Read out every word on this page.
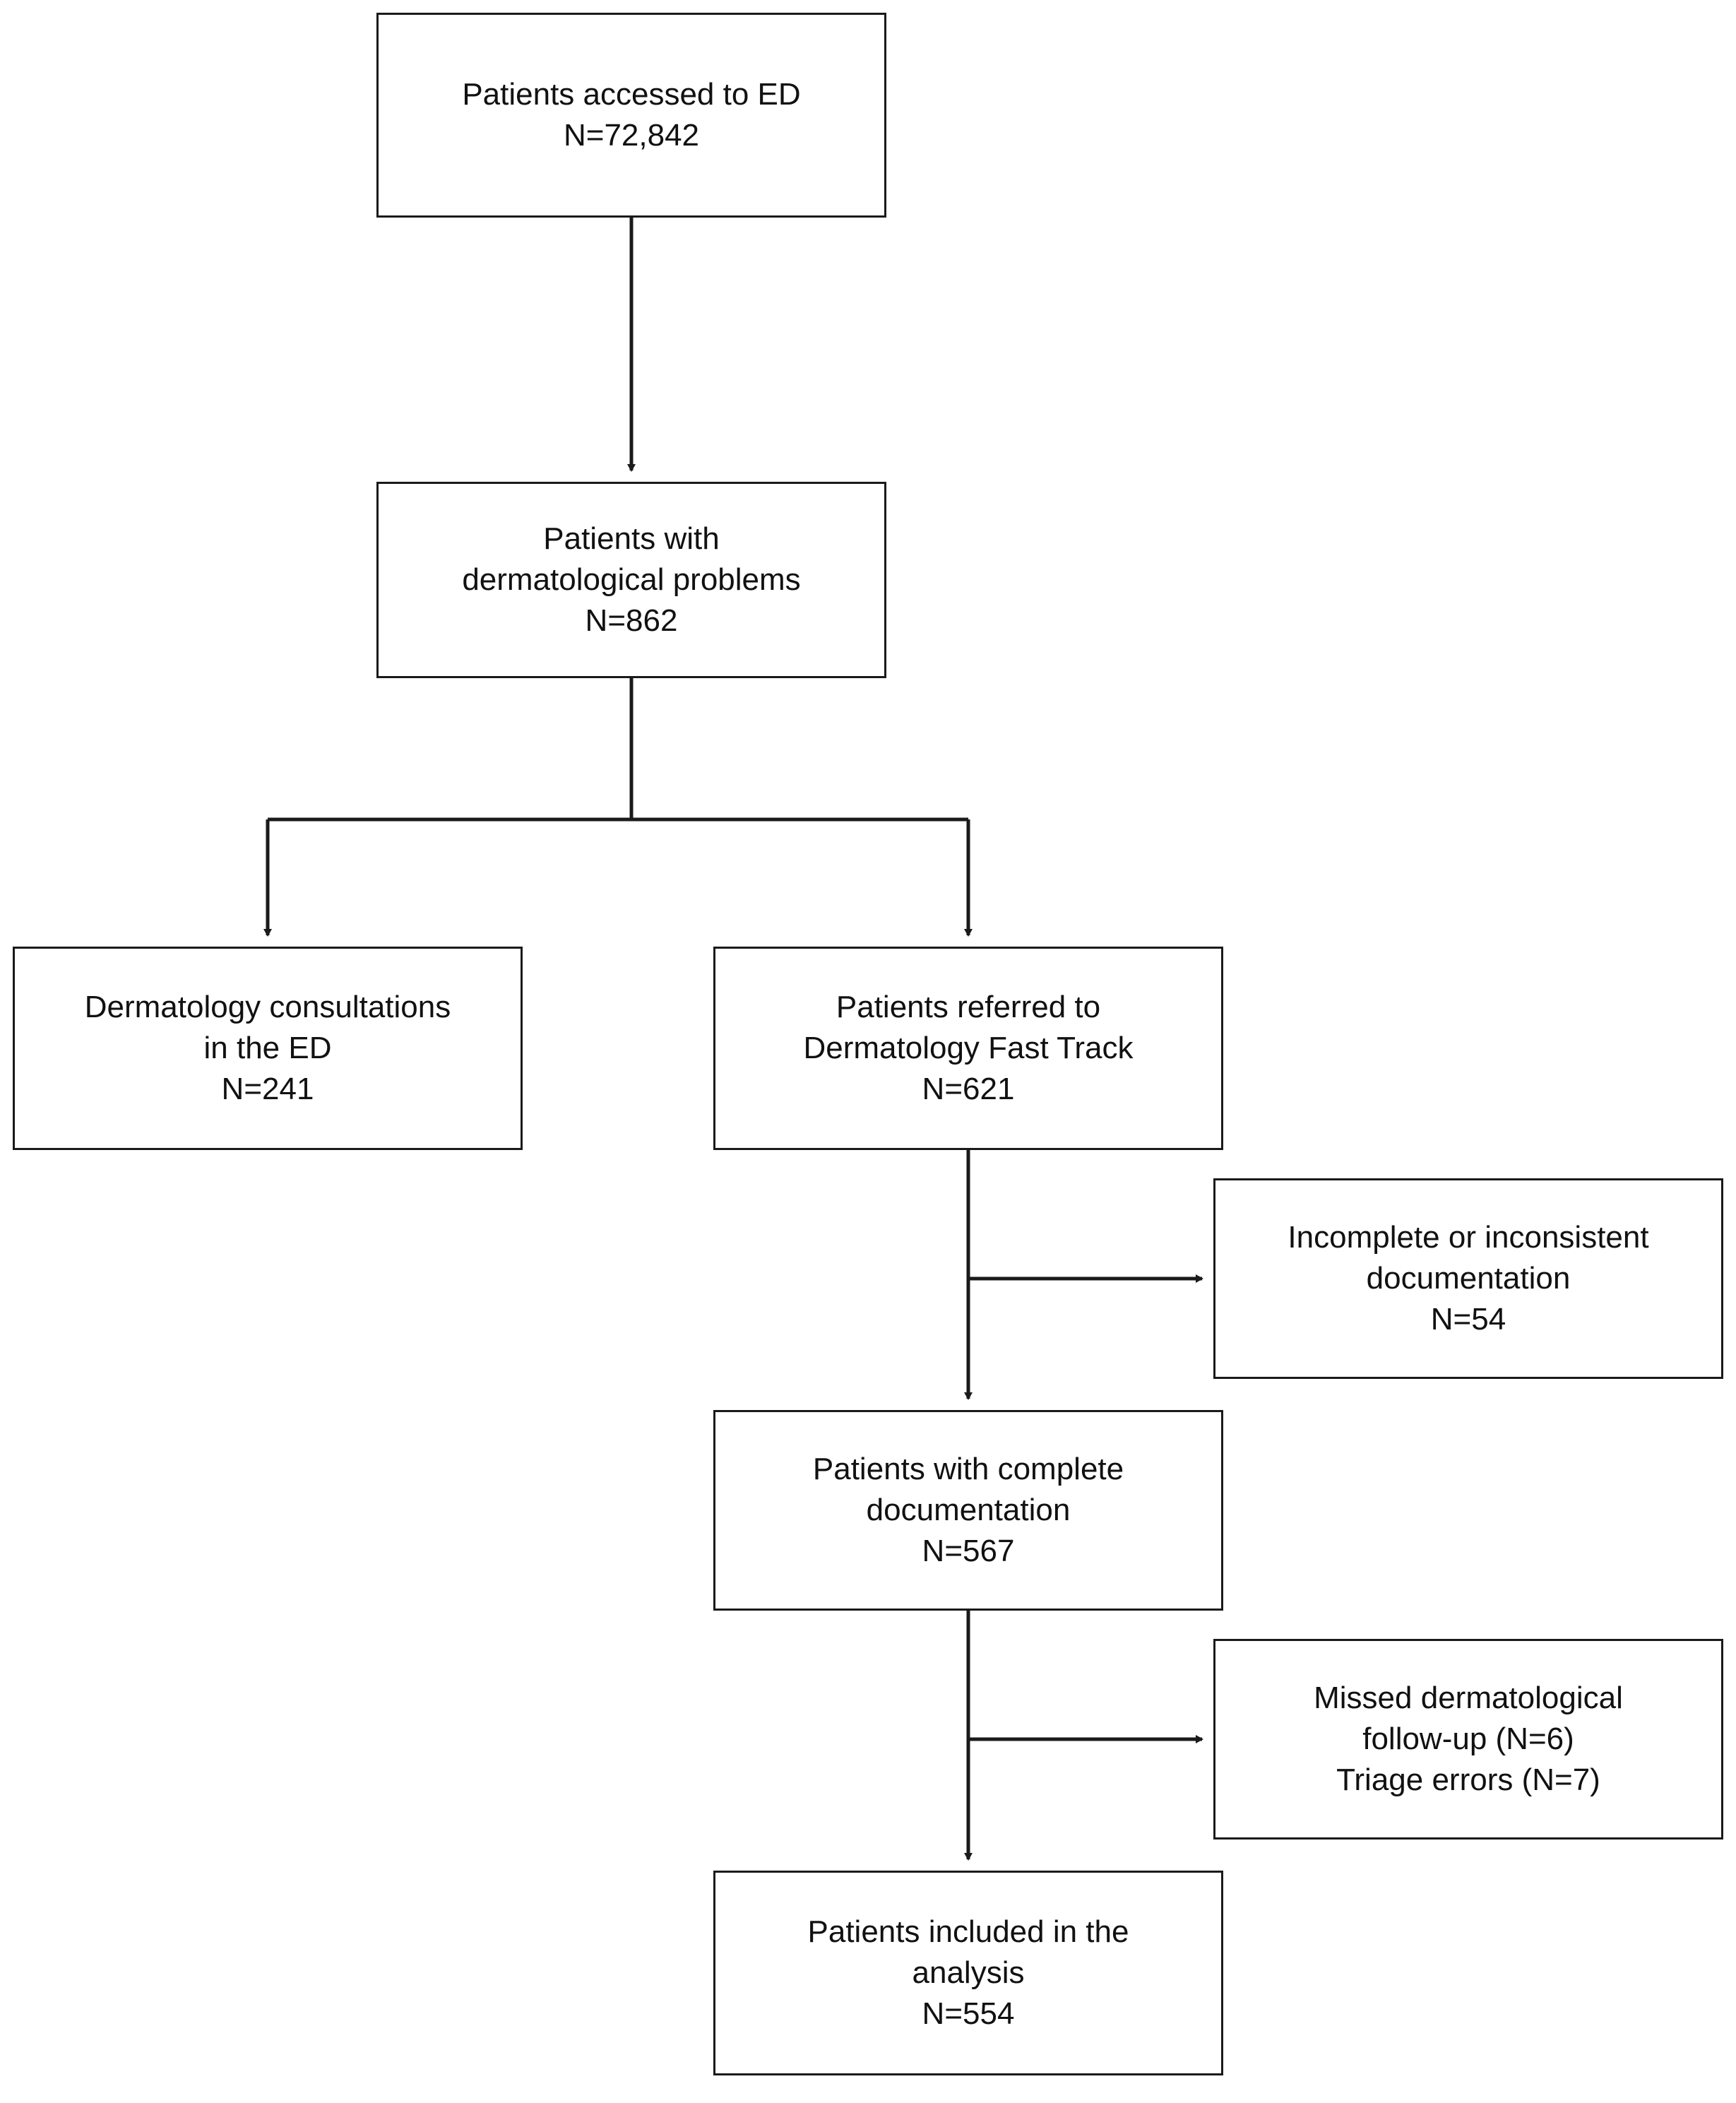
Patients accessed to ED
N=72,842
Patients with
dermatological problems
N=862
Dermatology consultations
in the ED
N=241
Patients referred to
Dermatology Fast Track
N=621
Incomplete or inconsistent
documentation
N=54
Patients with complete
documentation
N=567
Missed dermatological
follow-up (N=6)
Triage errors (N=7)
Patients included in the
analysis
N=554
